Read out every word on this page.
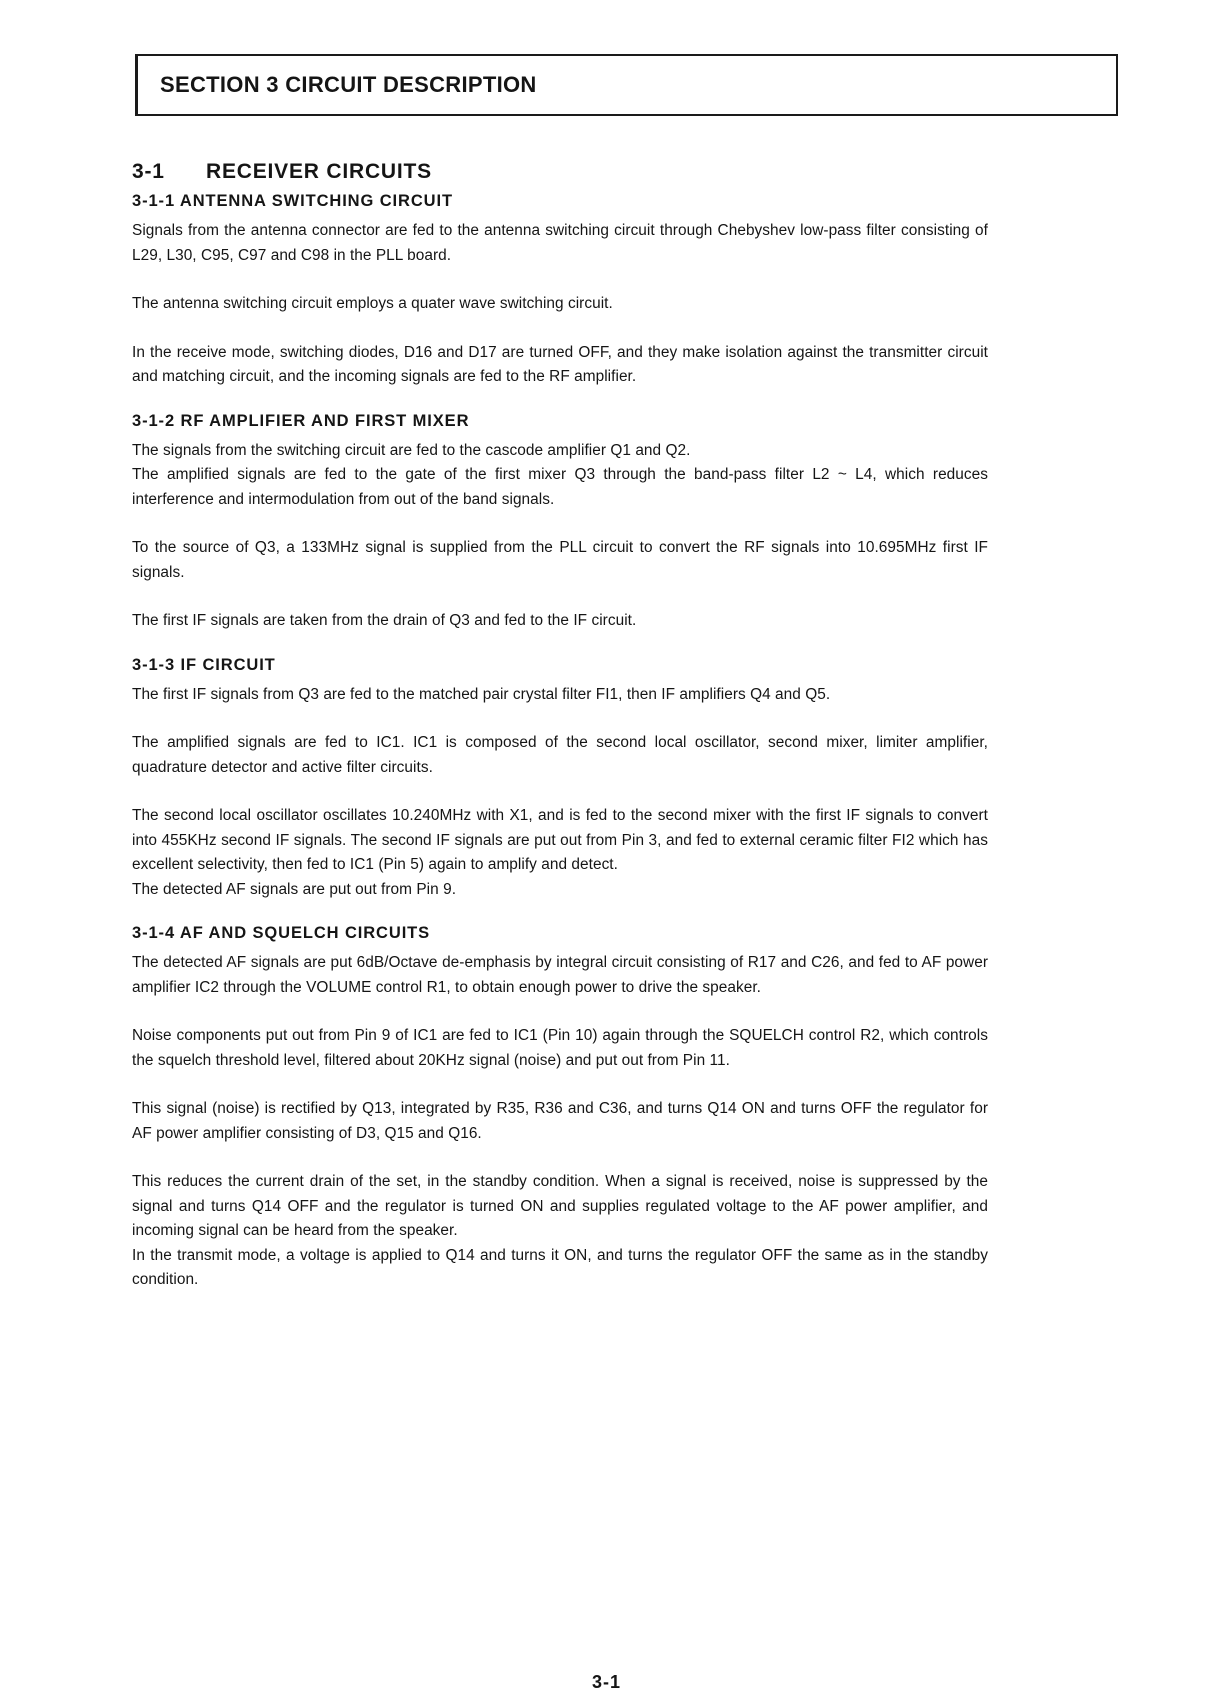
SECTION 3 CIRCUIT DESCRIPTION
3-1 RECEIVER CIRCUITS
3-1-1 ANTENNA SWITCHING CIRCUIT

Signals from the antenna connector are fed to the antenna switching circuit through Chebyshev low-pass filter consisting of L29, L30, C95, C97 and C98 in the PLL board.

The antenna switching circuit employs a quater wave switching circuit.

In the receive mode, switching diodes, D16 and D17 are turned OFF, and they make isolation against the transmitter circuit and matching circuit, and the incoming signals are fed to the RF amplifier.

3-1-2 RF AMPLIFIER AND FIRST MIXER

The signals from the switching circuit are fed to the cascode amplifier Q1 and Q2.

The amplified signals are fed to the gate of the first mixer Q3 through the band-pass filter L2 ~ L4, which reduces interference and intermodulation from out of the band signals.

To the source of Q3, a 133MHz signal is supplied from the PLL circuit to convert the RF signals into 10.695MHz first IF signals.

The first IF signals are taken from the drain of Q3 and fed to the IF circuit.

3-1-3 IF CIRCUIT

The first IF signals from Q3 are fed to the matched pair crystal filter FI1, then IF amplifiers Q4 and Q5.

The amplified signals are fed to IC1. IC1 is composed of the second local oscillator, second mixer, limiter amplifier, quadrature detector and active filter circuits.

The second local oscillator oscillates 10.240MHz with X1, and is fed to the second mixer with the first IF signals to convert into 455KHz second IF signals. The second IF signals are put out from Pin 3, and fed to external ceramic filter FI2 which has excellent selectivity, then fed to IC1 (Pin 5) again to amplify and detect.

The detected AF signals are put out from Pin 9.

3-1-4 AF AND SQUELCH CIRCUITS

The detected AF signals are put 6dB/Octave de-emphasis by integral circuit consisting of R17 and C26, and fed to AF power amplifier IC2 through the VOLUME control R1, to obtain enough power to drive the speaker.

Noise components put out from Pin 9 of IC1 are fed to IC1 (Pin 10) again through the SQUELCH control R2, which controls the squelch threshold level, filtered about 20KHz signal (noise) and put out from Pin 11.

This signal (noise) is rectified by Q13, integrated by R35, R36 and C36, and turns Q14 ON and turns OFF the regulator for AF power amplifier consisting of D3, Q15 and Q16.

This reduces the current drain of the set, in the standby condition. When a signal is received, noise is suppressed by the signal and turns Q14 OFF and the regulator is turned ON and supplies regulated voltage to the AF power amplifier, and incoming signal can be heard from the speaker.

In the transmit mode, a voltage is applied to Q14 and turns it ON, and turns the regulator OFF the same as in the standby condition.

3-1
